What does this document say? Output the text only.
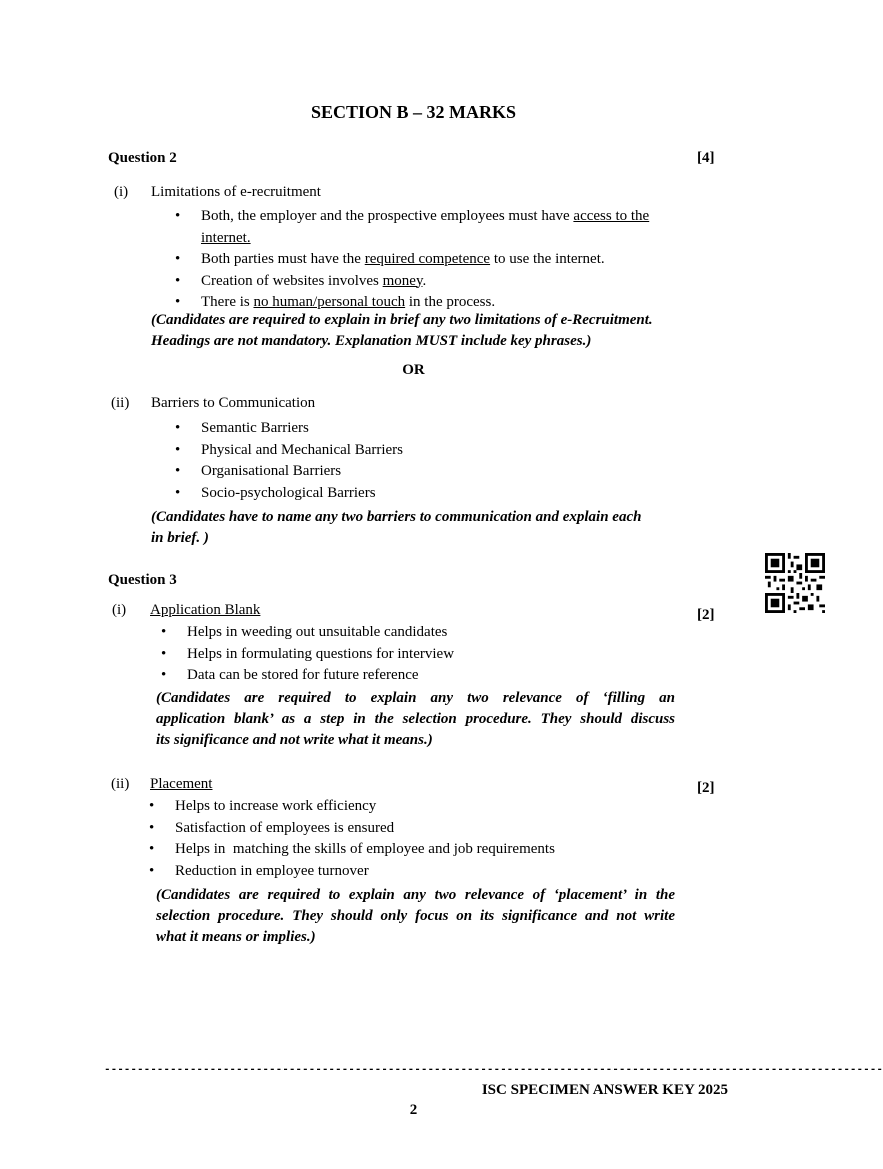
SECTION B – 32 MARKS
Question 2	[4]
(i) Limitations of e-recruitment
• Both, the employer and the prospective employees must have access to the
internet.
• Both parties must have the required competence to use the internet.
• Creation of websites involves money.
• There is no human/personal touch in the process.
(Candidates are required to explain in brief any two limitations of e-Recruitment.
Headings are not mandatory. Explanation MUST include key phrases.)
OR
(ii) Barriers to Communication
• Semantic Barriers
• Physical and Mechanical Barriers
• Organisational Barriers
• Socio-psychological Barriers
(Candidates have to name any two barriers to communication and explain each
in brief. )
Question 3
(i) Application Blank	[2]
• Helps in weeding out unsuitable candidates
• Helps in formulating questions for interview
• Data can be stored for future reference
(Candidates are required to explain any two relevance of ‘filling an
application blank’ as a step in the selection procedure. They should discuss
its significance and not write what it means.)
(ii) Placement	[2]
• Helps to increase work efficiency
• Satisfaction of employees is ensured
• Helps in  matching the skills of employee and job requirements
• Reduction in employee turnover
(Candidates are required to explain any two relevance of ‘placement’ in the
selection procedure. They should only focus on its significance and not write
what it means or implies.)
----------------------------------------------------------------------------------------------------------------------
ISC SPECIMEN ANSWER KEY 2025
2
